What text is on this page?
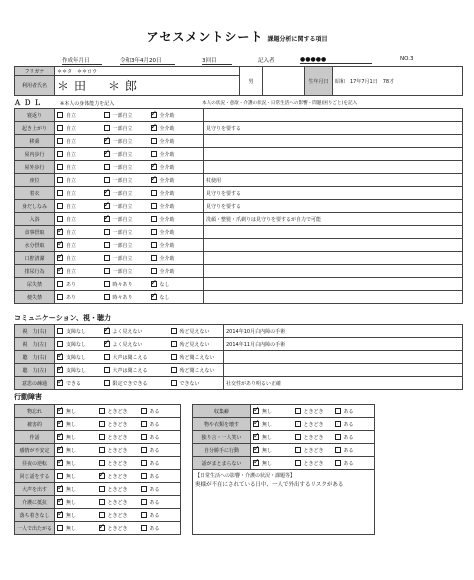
アセスメントシート 課題分析に関する項目
作成年月日	令和3年4月20日	3回目	記入者	●●●●●	NO.3
フリガナ	＊＊タ　＊＊ロウ	男		生年月日	昭和　17年7月1日　78才
利用者氏名	＊田　＊郎				
ＡＤＬ	※本人の身体能力を記入	本人の状況・意欲・介護の状況・日常生活への影響・問題(困りごと)を記入
寝返り	自立	一部自立	✓全介助	
起き上がり	自立	一部自立	✓全介助	見守りを要する
移乗	自立	✓一部自立	全介助	
屋内歩行	自立	✓一部自立	全介助	
屋外歩行	自立	一部自立	✓全介助	
座位	自立	一部自立	✓全介助	杖使用
着衣	自立	✓一部自立	全介助	見守りを要する
身だしなみ	自立	✓一部自立	全介助	見守りを要する
入浴	自立	✓一部自立	全介助	洗顔・整髪・爪剃りは見守りを要するが自力で可能
食事摂取	✓自立	一部自立	全介助	
水分摂取	✓自立	一部自立	全介助	
口腔清潔	✓自立	一部自立	全介助	
排尿行為	✓自立	一部自立	全介助	
尿失禁	あり	時々あり	✓なし	
便失禁	あり	時々あり	✓なし	
コミュニケーション、視・聴力
視　力(右)	支障なし	✓よく見えない	殆ど見えない	2014年10月白内障の手術
視　力(左)	支障なし	✓よく見えない	殆ど見えない	2014年11月白内障の手術
聴　力(右)	✓支障なし	大声は聞こえる	殆ど聞こえない	
聴　力(左)	✓支障なし	大声は聞こえる	殆ど聞こえない	
意思の疎通	✓できる	限定できできる	できない	社交性があり明るい正確
行動障害
物忘れ	✓無し	ときどき	ある		収集癖	✓無し	ときどき	ある
被害的	✓無し	ときどき	ある		物や衣類を壊す	✓無し	ときどき	ある
作話	✓無し	ときどき	ある		独り言・一人笑い	✓無し	ときどき	ある
感情が不安定	✓無し	ときどき	ある		自分勝手に行動	✓無し	ときどき	ある
昼夜の逆転	✓無し	ときどき	ある		話がまとまらない	✓無し	ときどき	ある
同じ話をする	無し	✓ときどき	ある		【日常生活への影響・介護の状況・課題等】
奥様が不在にされている日中、一人で外出するリスクがある			

大声を出す	✓無し	ときどき	ある					
介護に抵抗	✓無し	ときどき	ある					
落ち着きなし	✓無し	ときどき	ある					
一人で出たがる	無し	✓ときどき	ある					
